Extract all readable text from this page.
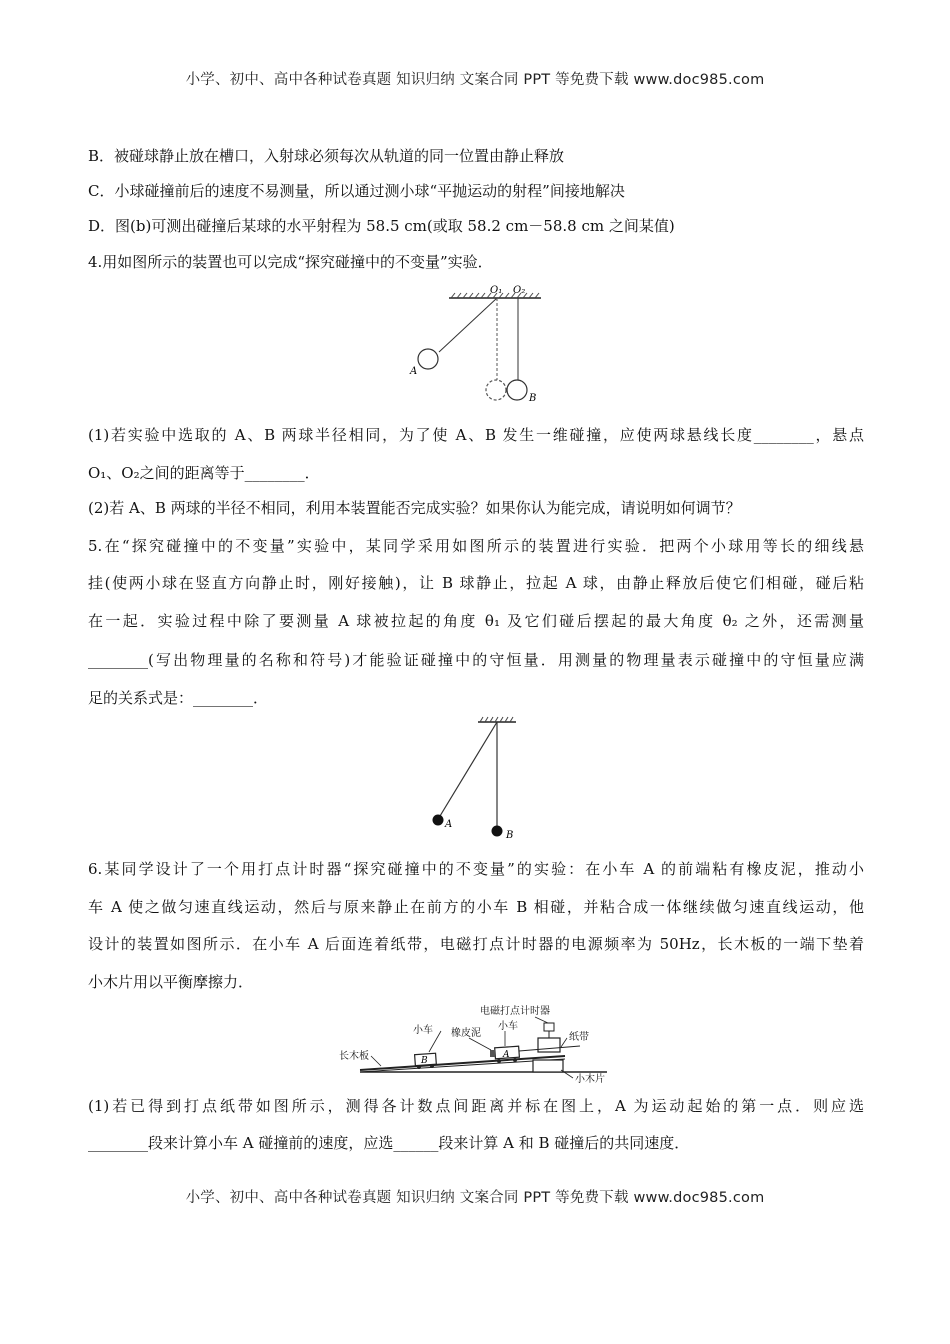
小学、初中、高中各种试卷真题 知识归纳 文案合同 PPT 等免费下载 www.doc985.com
B．被碰球静止放在槽口，入射球必须每次从轨道的同一位置由静止释放
C．小球碰撞前后的速度不易测量，所以通过测小球“平抛运动的射程”间接地解决
D．图(b)可测出碰撞后某球的水平射程为 58.5 cm(或取 58.2 cm－58.8 cm 之间某值)
4.用如图所示的装置也可以完成“探究碰撞中的不变量”实验．
O₁ O₂
A
B
(1)若实验中选取的 A、B 两球半径相同，为了使 A、B 发生一维碰撞，应使两球悬线长度________，悬点
O₁、O₂之间的距离等于________．
(2)若 A、B 两球的半径不相同，利用本装置能否完成实验？如果你认为能完成，请说明如何调节？
5.在“探究碰撞中的不变量”实验中，某同学采用如图所示的装置进行实验．把两个小球用等长的细线悬
挂(使两小球在竖直方向静止时，刚好接触)，让 B 球静止，拉起 A 球，由静止释放后使它们相碰，碰后粘
在一起．实验过程中除了要测量 A 球被拉起的角度 θ₁ 及它们碰后摆起的最大角度 θ₂ 之外，还需测量
________(写出物理量的名称和符号)才能验证碰撞中的守恒量．用测量的物理量表示碰撞中的守恒量应满
足的关系式是：________．
A
B
6.某同学设计了一个用打点计时器“探究碰撞中的不变量”的实验：在小车 A 的前端粘有橡皮泥，推动小
车 A 使之做匀速直线运动，然后与原来静止在前方的小车 B 相碰，并粘合成一体继续做匀速直线运动，他
设计的装置如图所示．在小车 A 后面连着纸带，电磁打点计时器的电源频率为 50Hz，长木板的一端下垫着
小木片用以平衡摩擦力．
电磁打点计时器
小车 橡皮泥
小车
纸带
长木板
小木片
B
A
(1)若已得到打点纸带如图所示，测得各计数点间距离并标在图上，A 为运动起始的第一点．则应选
________段来计算小车 A 碰撞前的速度，应选______段来计算 A 和 B 碰撞后的共同速度．
小学、初中、高中各种试卷真题 知识归纳 文案合同 PPT 等免费下载 www.doc985.com
